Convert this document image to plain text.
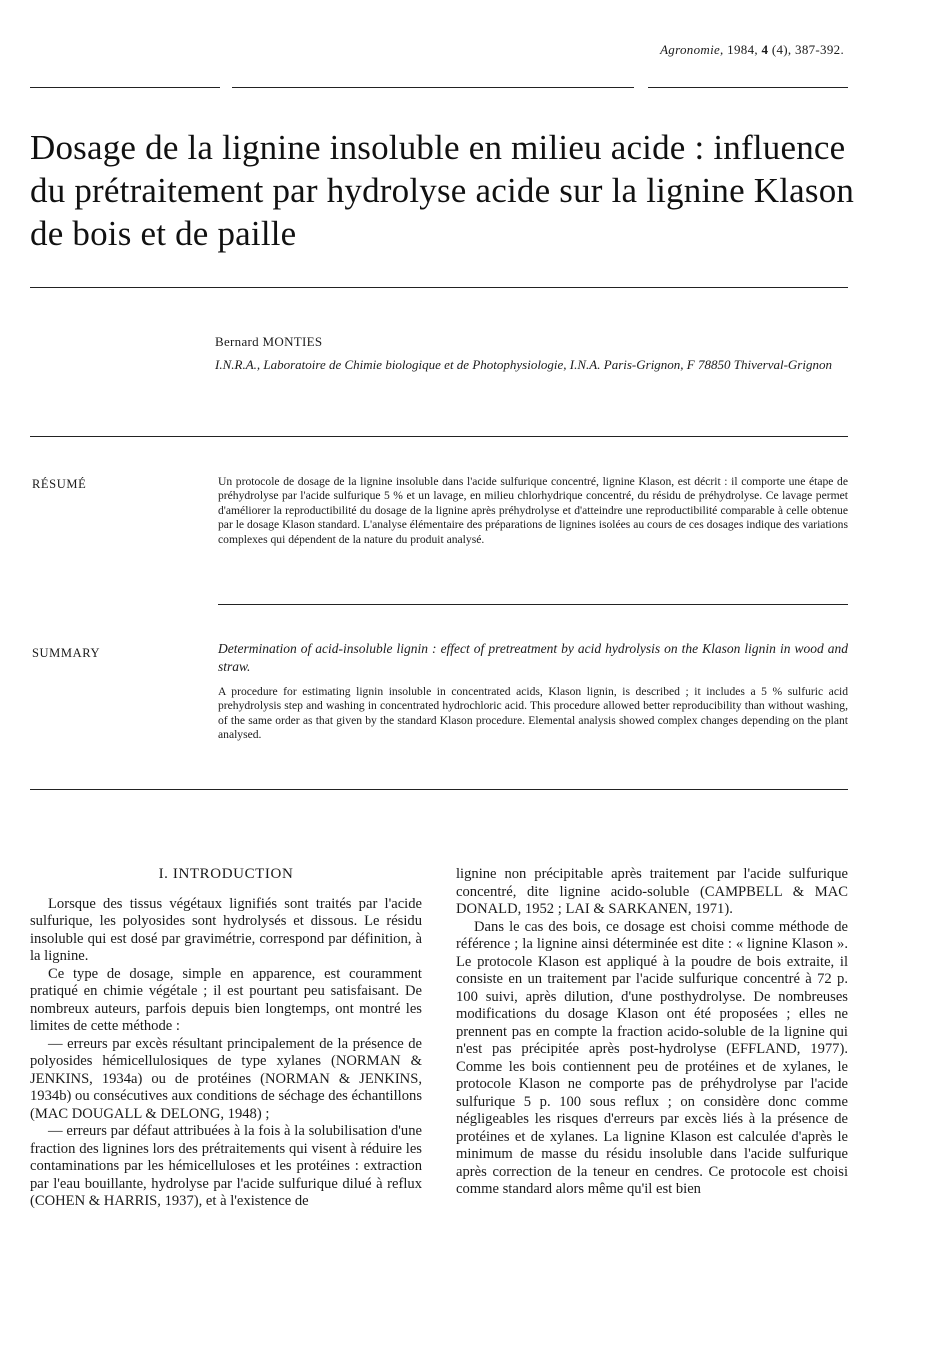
Agronomie, 1984, 4 (4), 387-392.
Dosage de la lignine insoluble en milieu acide : influence du prétraitement par hydrolyse acide sur la lignine Klason de bois et de paille
Bernard MONTIES
I.N.R.A., Laboratoire de Chimie biologique et de Photophysiologie, I.N.A. Paris-Grignon, F 78850 Thiverval-Grignon
RÉSUMÉ	Un protocole de dosage de la lignine insoluble dans l'acide sulfurique concentré, lignine Klason, est décrit : il comporte une étape de préhydrolyse par l'acide sulfurique 5 % et un lavage, en milieu chlorhydrique concentré, du résidu de préhydrolyse. Ce lavage permet d'améliorer la reproductibilité du dosage de la lignine après préhydrolyse et d'atteindre une reproductibilité comparable à celle obtenue par le dosage Klason standard. L'analyse élémentaire des préparations de lignines isolées au cours de ces dosages indique des variations complexes qui dépendent de la nature du produit analysé.
SUMMARY	Determination of acid-insoluble lignin : effect of pretreatment by acid hydrolysis on the Klason lignin in wood and straw.
A procedure for estimating lignin insoluble in concentrated acids, Klason lignin, is described ; it includes a 5 % sulfuric acid prehydrolysis step and washing in concentrated hydrochloric acid. This procedure allowed better reproducibility than without washing, of the same order as that given by the standard Klason procedure. Elemental analysis showed complex changes depending on the plant analysed.
I. INTRODUCTION

Lorsque des tissus végétaux lignifiés sont traités par l'acide sulfurique, les polyosides sont hydrolysés et dissous. Le résidu insoluble qui est dosé par gravimétrie, correspond par définition, à la lignine.

Ce type de dosage, simple en apparence, est couramment pratiqué en chimie végétale ; il est pourtant peu satisfaisant. De nombreux auteurs, parfois depuis bien longtemps, ont montré les limites de cette méthode :

— erreurs par excès résultant principalement de la présence de polyosides hémicellulosiques de type xylanes (NORMAN & JENKINS, 1934a) ou de protéines (NORMAN & JENKINS, 1934b) ou consécutives aux conditions de séchage des échantillons (MAC DOUGALL & DELONG, 1948) ;

— erreurs par défaut attribuées à la fois à la solubilisation d'une fraction des lignines lors des prétraitements qui visent à réduire les contaminations par les hémicelluloses et les protéines : extraction par l'eau bouillante, hydrolyse par l'acide sulfurique dilué à reflux (COHEN & HARRIS, 1937), et à l'existence de

lignine non précipitable après traitement par l'acide sulfurique concentré, dite lignine acido-soluble (CAMPBELL & MAC DONALD, 1952 ; LAI & SARKANEN, 1971).

Dans le cas des bois, ce dosage est choisi comme méthode de référence ; la lignine ainsi déterminée est dite : « lignine Klason ». Le protocole Klason est appliqué à la poudre de bois extraite, il consiste en un traitement par l'acide sulfurique concentré à 72 p. 100 suivi, après dilution, d'une posthydrolyse. De nombreuses modifications du dosage Klason ont été proposées ; elles ne prennent pas en compte la fraction acido-soluble de la lignine qui n'est pas précipitée après post-hydrolyse (EFFLAND, 1977). Comme les bois contiennent peu de protéines et de xylanes, le protocole Klason ne comporte pas de préhydrolyse par l'acide sulfurique 5 p. 100 sous reflux ; on considère donc comme négligeables les risques d'erreurs par excès liés à la présence de protéines et de xylanes. La lignine Klason est calculée d'après le minimum de masse du résidu insoluble dans l'acide sulfurique après correction de la teneur en cendres. Ce protocole est choisi comme standard alors même qu'il est bien
